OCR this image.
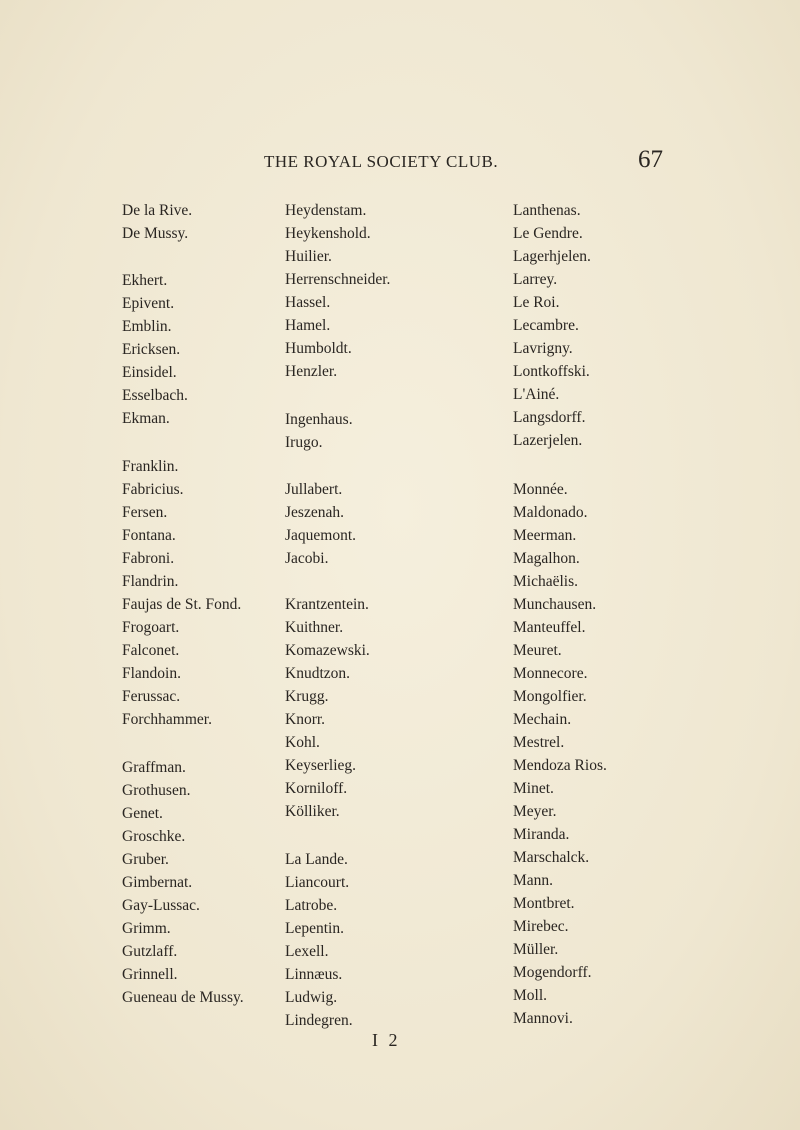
THE ROYAL SOCIETY CLUB.	67
De la Rive.
De Mussy.
Ekhert.
Epivent.
Emblin.
Ericksen.
Einsidel.
Esselbach.
Ekman.
Franklin.
Fabricius.
Fersen.
Fontana.
Fabroni.
Flandrin.
Faujas de St. Fond.
Frogoart.
Falconet.
Flandoin.
Ferussac.
Forchhammer.
Graffman.
Grothusen.
Genet.
Groschke.
Gruber.
Gimbernat.
Gay-Lussac.
Grimm.
Gutzlaff.
Grinnell.
Gueneau de Mussy.
Heydenstam.
Heykenshold.
Huilier.
Herrenschneider.
Hassel.
Hamel.
Humboldt.
Henzler.
Ingenhaus.
Irugo.
Jullabert.
Jeszenah.
Jaquemont.
Jacobi.
Krantzentein.
Kuithner.
Komazewski.
Knudtzon.
Krugg.
Knorr.
Kohl.
Keyserlieg.
Korniloff.
Kölliker.
La Lande.
Liancourt.
Latrobe.
Lepentin.
Lexell.
Linnæus.
Ludwig.
Lindegren.
Lanthenas.
Le Gendre.
Lagerhjelen.
Larrey.
Le Roi.
Lecambre.
Lavrigny.
Lontkoffski.
L'Ainé.
Langsdorff.
Lazerjelen.
Monnée.
Maldonado.
Meerman.
Magalhon.
Michaëlis.
Munchausen.
Manteuffel.
Meuret.
Monnecore.
Mongolfier.
Mechain.
Mestrel.
Mendoza Rios.
Minet.
Meyer.
Miranda.
Marschalck.
Mann.
Montbret.
Mirebec.
Müller.
Mogendorff.
Moll.
Mannovi.
I 2
